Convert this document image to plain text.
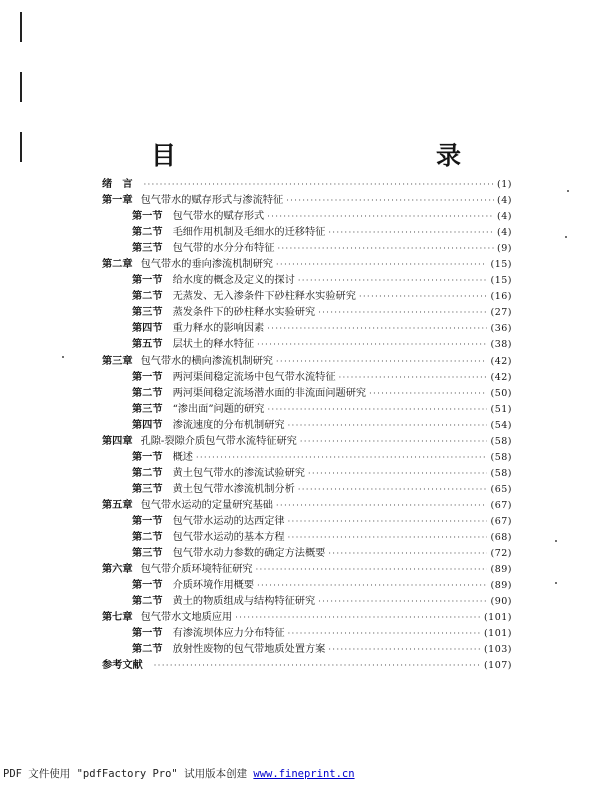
目　　录
绪　言 ·····	(1)
第一章 包气带水的赋存形式与渗流特征 ·····	(4)
第一节 包气带水的赋存形式 ·····	(4)
第二节 毛细作用机制及毛细水的迁移特征 ·····	(4)
第三节 包气带的水分分布特征 ·····	(9)
第二章 包气带水的垂向渗流机制研究 ·····	(15)
第一节 给水度的概念及定义的探讨 ·····	(15)
第二节 无蒸发、无入渗条件下砂柱释水实验研究 ·····	(16)
第三节 蒸发条件下的砂柱释水实验研究 ·····	(27)
第四节 重力释水的影响因素 ·····	(36)
第五节 层状土的释水特征 ·····	(38)
第三章 包气带水的横向渗流机制研究 ·····	(42)
第一节 两河渠间稳定流场中包气带水流特征 ·····	(42)
第二节 两河渠间稳定流场潜水面的非流面问题研究 ·····	(50)
第三节 “渗出面”问题的研究 ·····	(51)
第四节 渗流速度的分布机制研究 ·····	(54)
第四章 孔隙-裂隙介质包气带水流特征研究 ·····	(58)
第一节 概述 ·····	(58)
第二节 黄土包气带水的渗流试验研究 ·····	(58)
第三节 黄土包气带水渗流机制分析 ·····	(65)
第五章 包气带水运动的定量研究基础 ·····	(67)
第一节 包气带水运动的达西定律 ·····	(67)
第二节 包气带水运动的基本方程 ·····	(68)
第三节 包气带水动力参数的确定方法概要 ·····	(72)
第六章 包气带介质环境特征研究 ·····	(89)
第一节 介质环境作用概要 ·····	(89)
第二节 黄土的物质组成与结构特征研究 ·····	(90)
第七章 包气带水文地质应用 ·····	(101)
第一节 有渗流坝体应力分布特征 ·····	(101)
第二节 放射性废物的包气带地质处置方案 ·····	(103)
参考文献 ·····	(107)
PDF 文件使用 "pdfFactory Pro" 试用版本创建 www.fineprint.cn
